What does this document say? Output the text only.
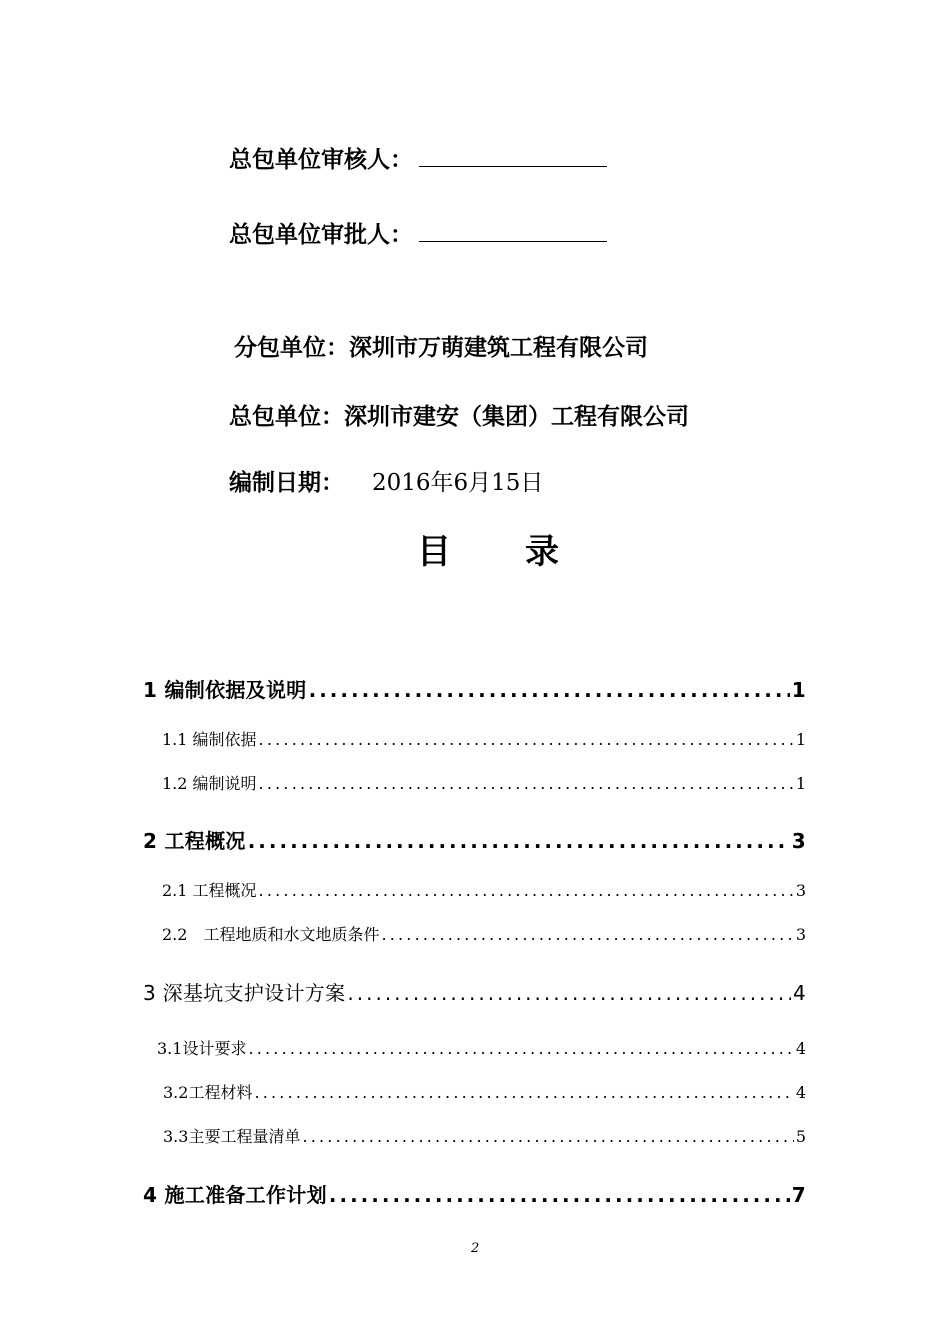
总包单位审核人：
总包单位审批人：
分包单位：深圳市万萌建筑工程有限公司
总包单位：深圳市建安（集团）工程有限公司
编制日期： 2016年6月15日
目　录
1 编制依据及说明 .....	1
1.1 编制依据 .....	1
1.2 编制说明 .....	1
2 工程概况 .....	3
2.1 工程概况 .....	3
2.2　工程地质和水文地质条件 .....	3
3 深基坑支护设计方案 .....	4
3.1设计要求 .....	4
3.2工程材料 .....	4
3.3主要工程量清单 .....	5
4 施工准备工作计划 .....	7
2
